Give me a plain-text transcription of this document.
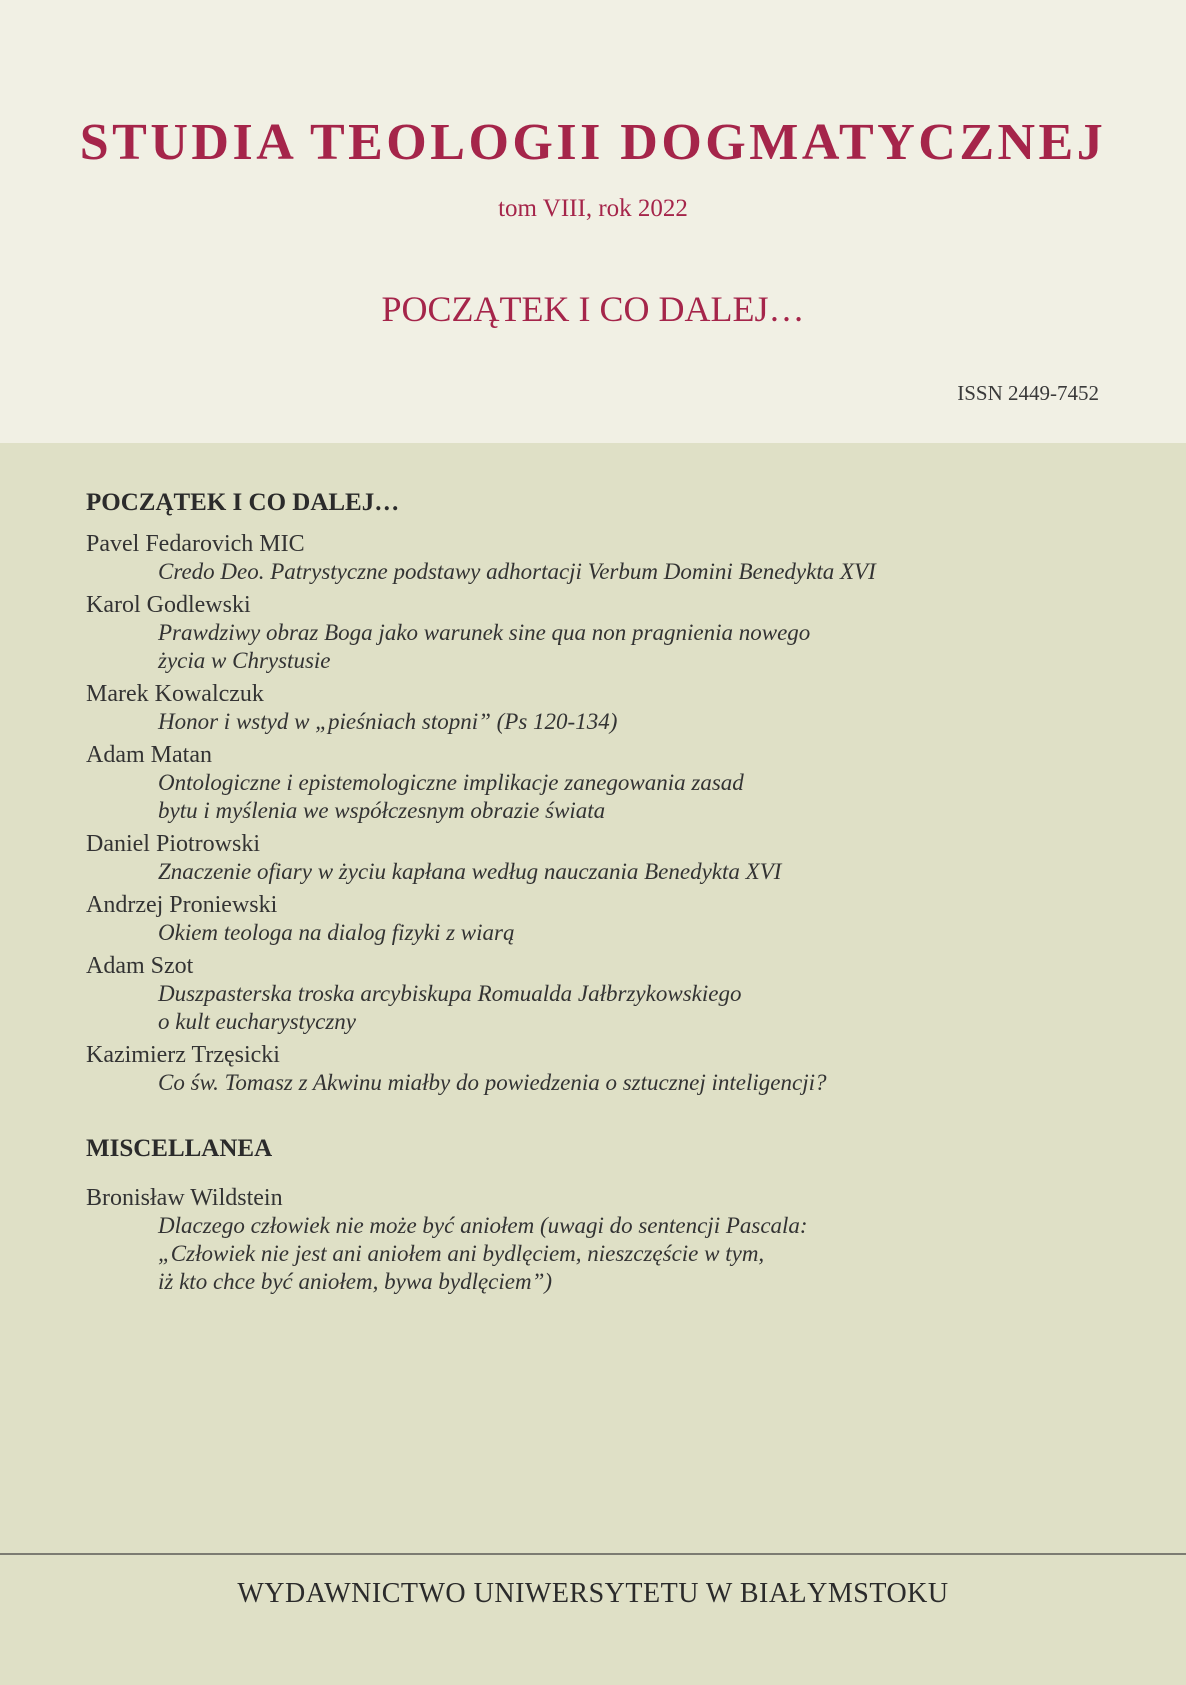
STUDIA TEOLOGII DOGMATYCZNEJ
tom VIII, rok 2022
POCZĄTEK I CO DALEJ…
ISSN 2449-7452
POCZĄTEK I CO DALEJ…
Pavel Fedarovich MIC
Credo Deo. Patrystyczne podstawy adhortacji Verbum Domini Benedykta XVI
Karol Godlewski
Prawdziwy obraz Boga jako warunek sine qua non pragnienia nowego
życia w Chrystusie
Marek Kowalczuk
Honor i wstyd w „pieśniach stopni” (Ps 120-134)
Adam Matan
Ontologiczne i epistemologiczne implikacje zanegowania zasad
bytu i myślenia we współczesnym obrazie świata
Daniel Piotrowski
Znaczenie ofiary w życiu kapłana według nauczania Benedykta XVI
Andrzej Proniewski
Okiem teologa na dialog fizyki z wiarą
Adam Szot
Duszpasterska troska arcybiskupa Romualda Jałbrzykowskiego
o kult eucharystyczny
Kazimierz Trzęsicki
Co św. Tomasz z Akwinu miałby do powiedzenia o sztucznej inteligencji?
MISCELLANEA
Bronisław Wildstein
Dlaczego człowiek nie może być aniołem (uwagi do sentencji Pascala:
„Człowiek nie jest ani aniołem ani bydlęciem, nieszczęście w tym,
iż kto chce być aniołem, bywa bydlęciem”)
WYDAWNICTWO UNIWERSYTETU W BIAŁYMSTOKU
